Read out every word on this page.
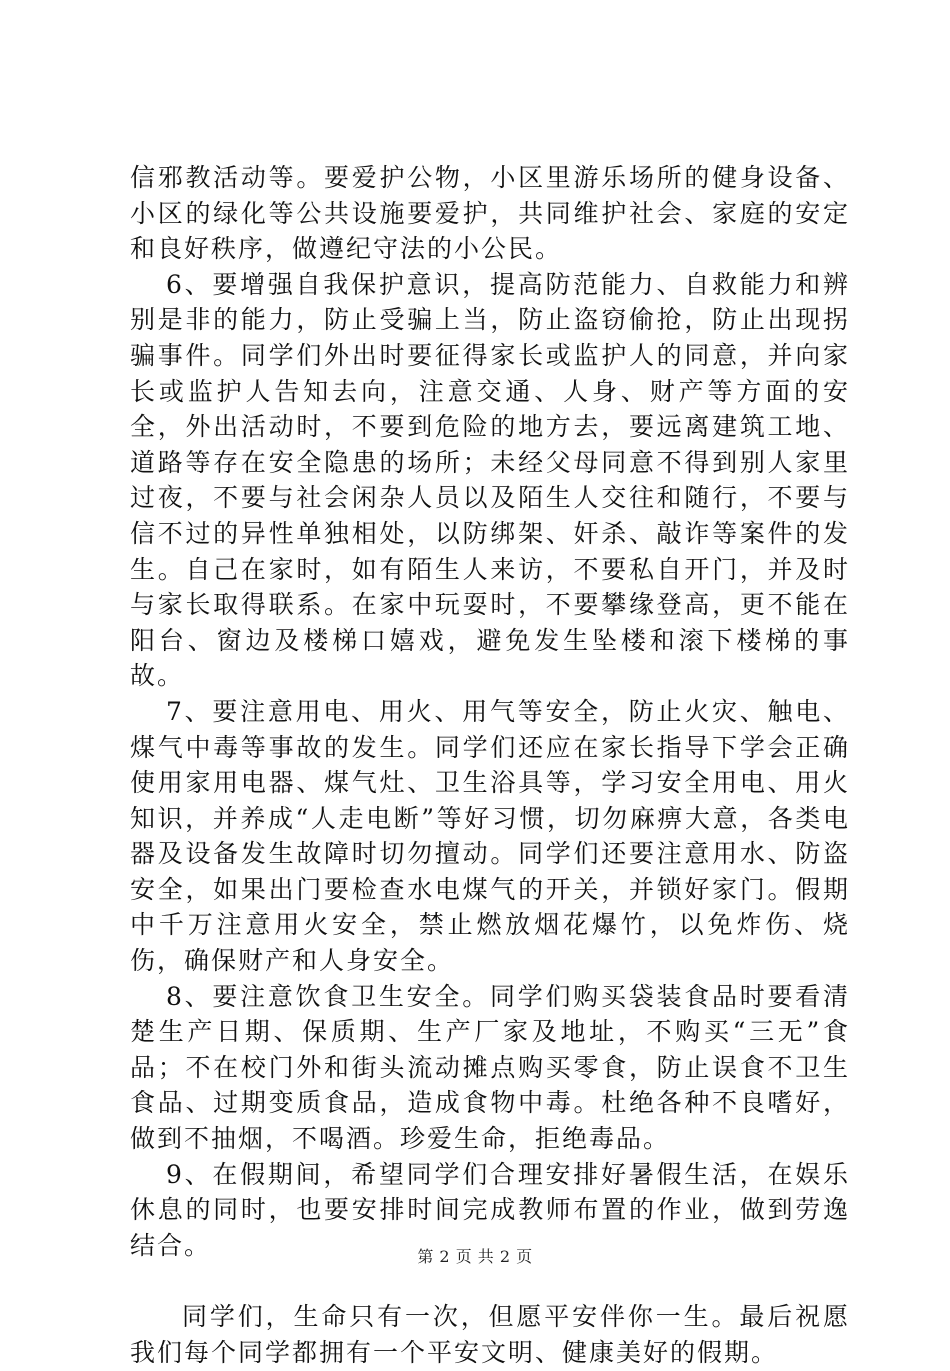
信邪教活动等。要爱护公物，小区里游乐场所的健身设备、小区的绿化等公共设施要爱护，共同维护社会、家庭的安定和良好秩序，做遵纪守法的小公民。

6、要增强自我保护意识，提高防范能力、自救能力和辨别是非的能力，防止受骗上当，防止盗窃偷抢，防止出现拐骗事件。同学们外出时要征得家长或监护人的同意，并向家长或监护人告知去向，注意交通、人身、财产等方面的安全，外出活动时，不要到危险的地方去，要远离建筑工地、道路等存在安全隐患的场所；未经父母同意不得到别人家里过夜，不要与社会闲杂人员以及陌生人交往和随行，不要与信不过的异性单独相处，以防绑架、奸杀、敲诈等案件的发生。自己在家时，如有陌生人来访，不要私自开门，并及时与家长取得联系。在家中玩耍时，不要攀缘登高，更不能在阳台、窗边及楼梯口嬉戏，避免发生坠楼和滚下楼梯的事故。

7、要注意用电、用火、用气等安全，防止火灾、触电、煤气中毒等事故的发生。同学们还应在家长指导下学会正确使用家用电器、煤气灶、卫生浴具等，学习安全用电、用火知识，并养成“人走电断”等好习惯，切勿麻痹大意，各类电器及设备发生故障时切勿擅动。同学们还要注意用水、防盗安全，如果出门要检查水电煤气的开关，并锁好家门。假期中千万注意用火安全，禁止燃放烟花爆竹，以免炸伤、烧伤，确保财产和人身安全。

8、要注意饮食卫生安全。同学们购买袋装食品时要看清楚生产日期、保质期、生产厂家及地址，不购买“三无”食品；不在校门外和街头流动摊点购买零食，防止误食不卫生食品、过期变质食品，造成食物中毒。杜绝各种不良嗜好，做到不抽烟，不喝酒。珍爱生命，拒绝毒品。

9、在假期间，希望同学们合理安排好暑假生活，在娱乐休息的同时，也要安排时间完成教师布置的作业，做到劳逸结合。

同学们，生命只有一次，但愿平安伴你一生。最后祝愿我们每个同学都拥有一个平安文明、健康美好的假期。

第 2 页 共 2 页
